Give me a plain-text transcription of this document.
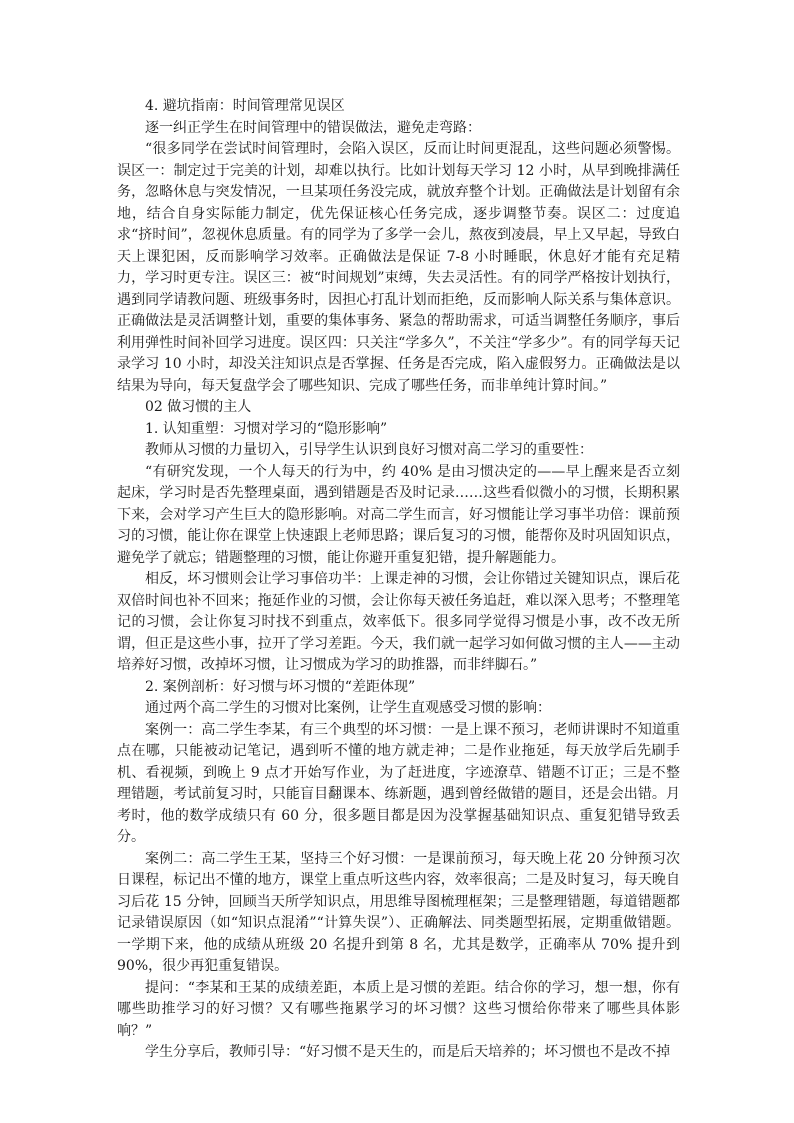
4. 避坑指南：时间管理常见误区

逐一纠正学生在时间管理中的错误做法，避免走弯路：

“很多同学在尝试时间管理时，会陷入误区，反而让时间更混乱，这些问题必须警惕。误区一：制定过于完美的计划，却难以执行。比如计划每天学习 12 小时，从早到晚排满任务，忽略休息与突发情况，一旦某项任务没完成，就放弃整个计划。正确做法是计划留有余地，结合自身实际能力制定，优先保证核心任务完成，逐步调整节奏。误区二：过度追求“挤时间”，忽视休息质量。有的同学为了多学一会儿，熬夜到凌晨，早上又早起，导致白天上课犯困，反而影响学习效率。正确做法是保证 7-8 小时睡眠，休息好才能有充足精力，学习时更专注。误区三：被“时间规划”束缚，失去灵活性。有的同学严格按计划执行，遇到同学请教问题、班级事务时，因担心打乱计划而拒绝，反而影响人际关系与集体意识。正确做法是灵活调整计划，重要的集体事务、紧急的帮助需求，可适当调整任务顺序，事后利用弹性时间补回学习进度。误区四：只关注“学多久”，不关注“学多少”。有的同学每天记录学习 10 小时，却没关注知识点是否掌握、任务是否完成，陷入虚假努力。正确做法是以结果为导向，每天复盘学会了哪些知识、完成了哪些任务，而非单纯计算时间。”

02 做习惯的主人

1. 认知重塑：习惯对学习的“隐形影响”

教师从习惯的力量切入，引导学生认识到良好习惯对高二学习的重要性：

“有研究发现，一个人每天的行为中，约 40% 是由习惯决定的——早上醒来是否立刻起床，学习时是否先整理桌面，遇到错题是否及时记录……这些看似微小的习惯，长期积累下来，会对学习产生巨大的隐形影响。对高二学生而言，好习惯能让学习事半功倍：课前预习的习惯，能让你在课堂上快速跟上老师思路；课后复习的习惯，能帮你及时巩固知识点，避免学了就忘；错题整理的习惯，能让你避开重复犯错，提升解题能力。

相反，坏习惯则会让学习事倍功半：上课走神的习惯，会让你错过关键知识点，课后花双倍时间也补不回来；拖延作业的习惯，会让你每天被任务追赶，难以深入思考；不整理笔记的习惯，会让你复习时找不到重点，效率低下。很多同学觉得习惯是小事，改不改无所谓，但正是这些小事，拉开了学习差距。今天，我们就一起学习如何做习惯的主人——主动培养好习惯，改掉坏习惯，让习惯成为学习的助推器，而非绊脚石。”

2. 案例剖析：好习惯与坏习惯的“差距体现”

通过两个高二学生的习惯对比案例，让学生直观感受习惯的影响：

案例一：高二学生李某，有三个典型的坏习惯：一是上课不预习，老师讲课时不知道重点在哪，只能被动记笔记，遇到听不懂的地方就走神；二是作业拖延，每天放学后先刷手机、看视频，到晚上 9 点才开始写作业，为了赶进度，字迹潦草、错题不订正；三是不整理错题，考试前复习时，只能盲目翻课本、练新题，遇到曾经做错的题目，还是会出错。月考时，他的数学成绩只有 60 分，很多题目都是因为没掌握基础知识点、重复犯错导致丢分。

案例二：高二学生王某，坚持三个好习惯：一是课前预习，每天晚上花 20 分钟预习次日课程，标记出不懂的地方，课堂上重点听这些内容，效率很高；二是及时复习，每天晚自习后花 15 分钟，回顾当天所学知识点，用思维导图梳理框架；三是整理错题，每道错题都记录错误原因（如“知识点混淆”“计算失误”）、正确解法、同类题型拓展，定期重做错题。一学期下来，他的成绩从班级 20 名提升到第 8 名，尤其是数学，正确率从 70% 提升到 90%，很少再犯重复错误。

提问：“李某和王某的成绩差距，本质上是习惯的差距。结合你的学习，想一想，你有哪些助推学习的好习惯？又有哪些拖累学习的坏习惯？这些习惯给你带来了哪些具体影响？”

学生分享后，教师引导：“好习惯不是天生的，而是后天培养的；坏习惯也不是改不掉
